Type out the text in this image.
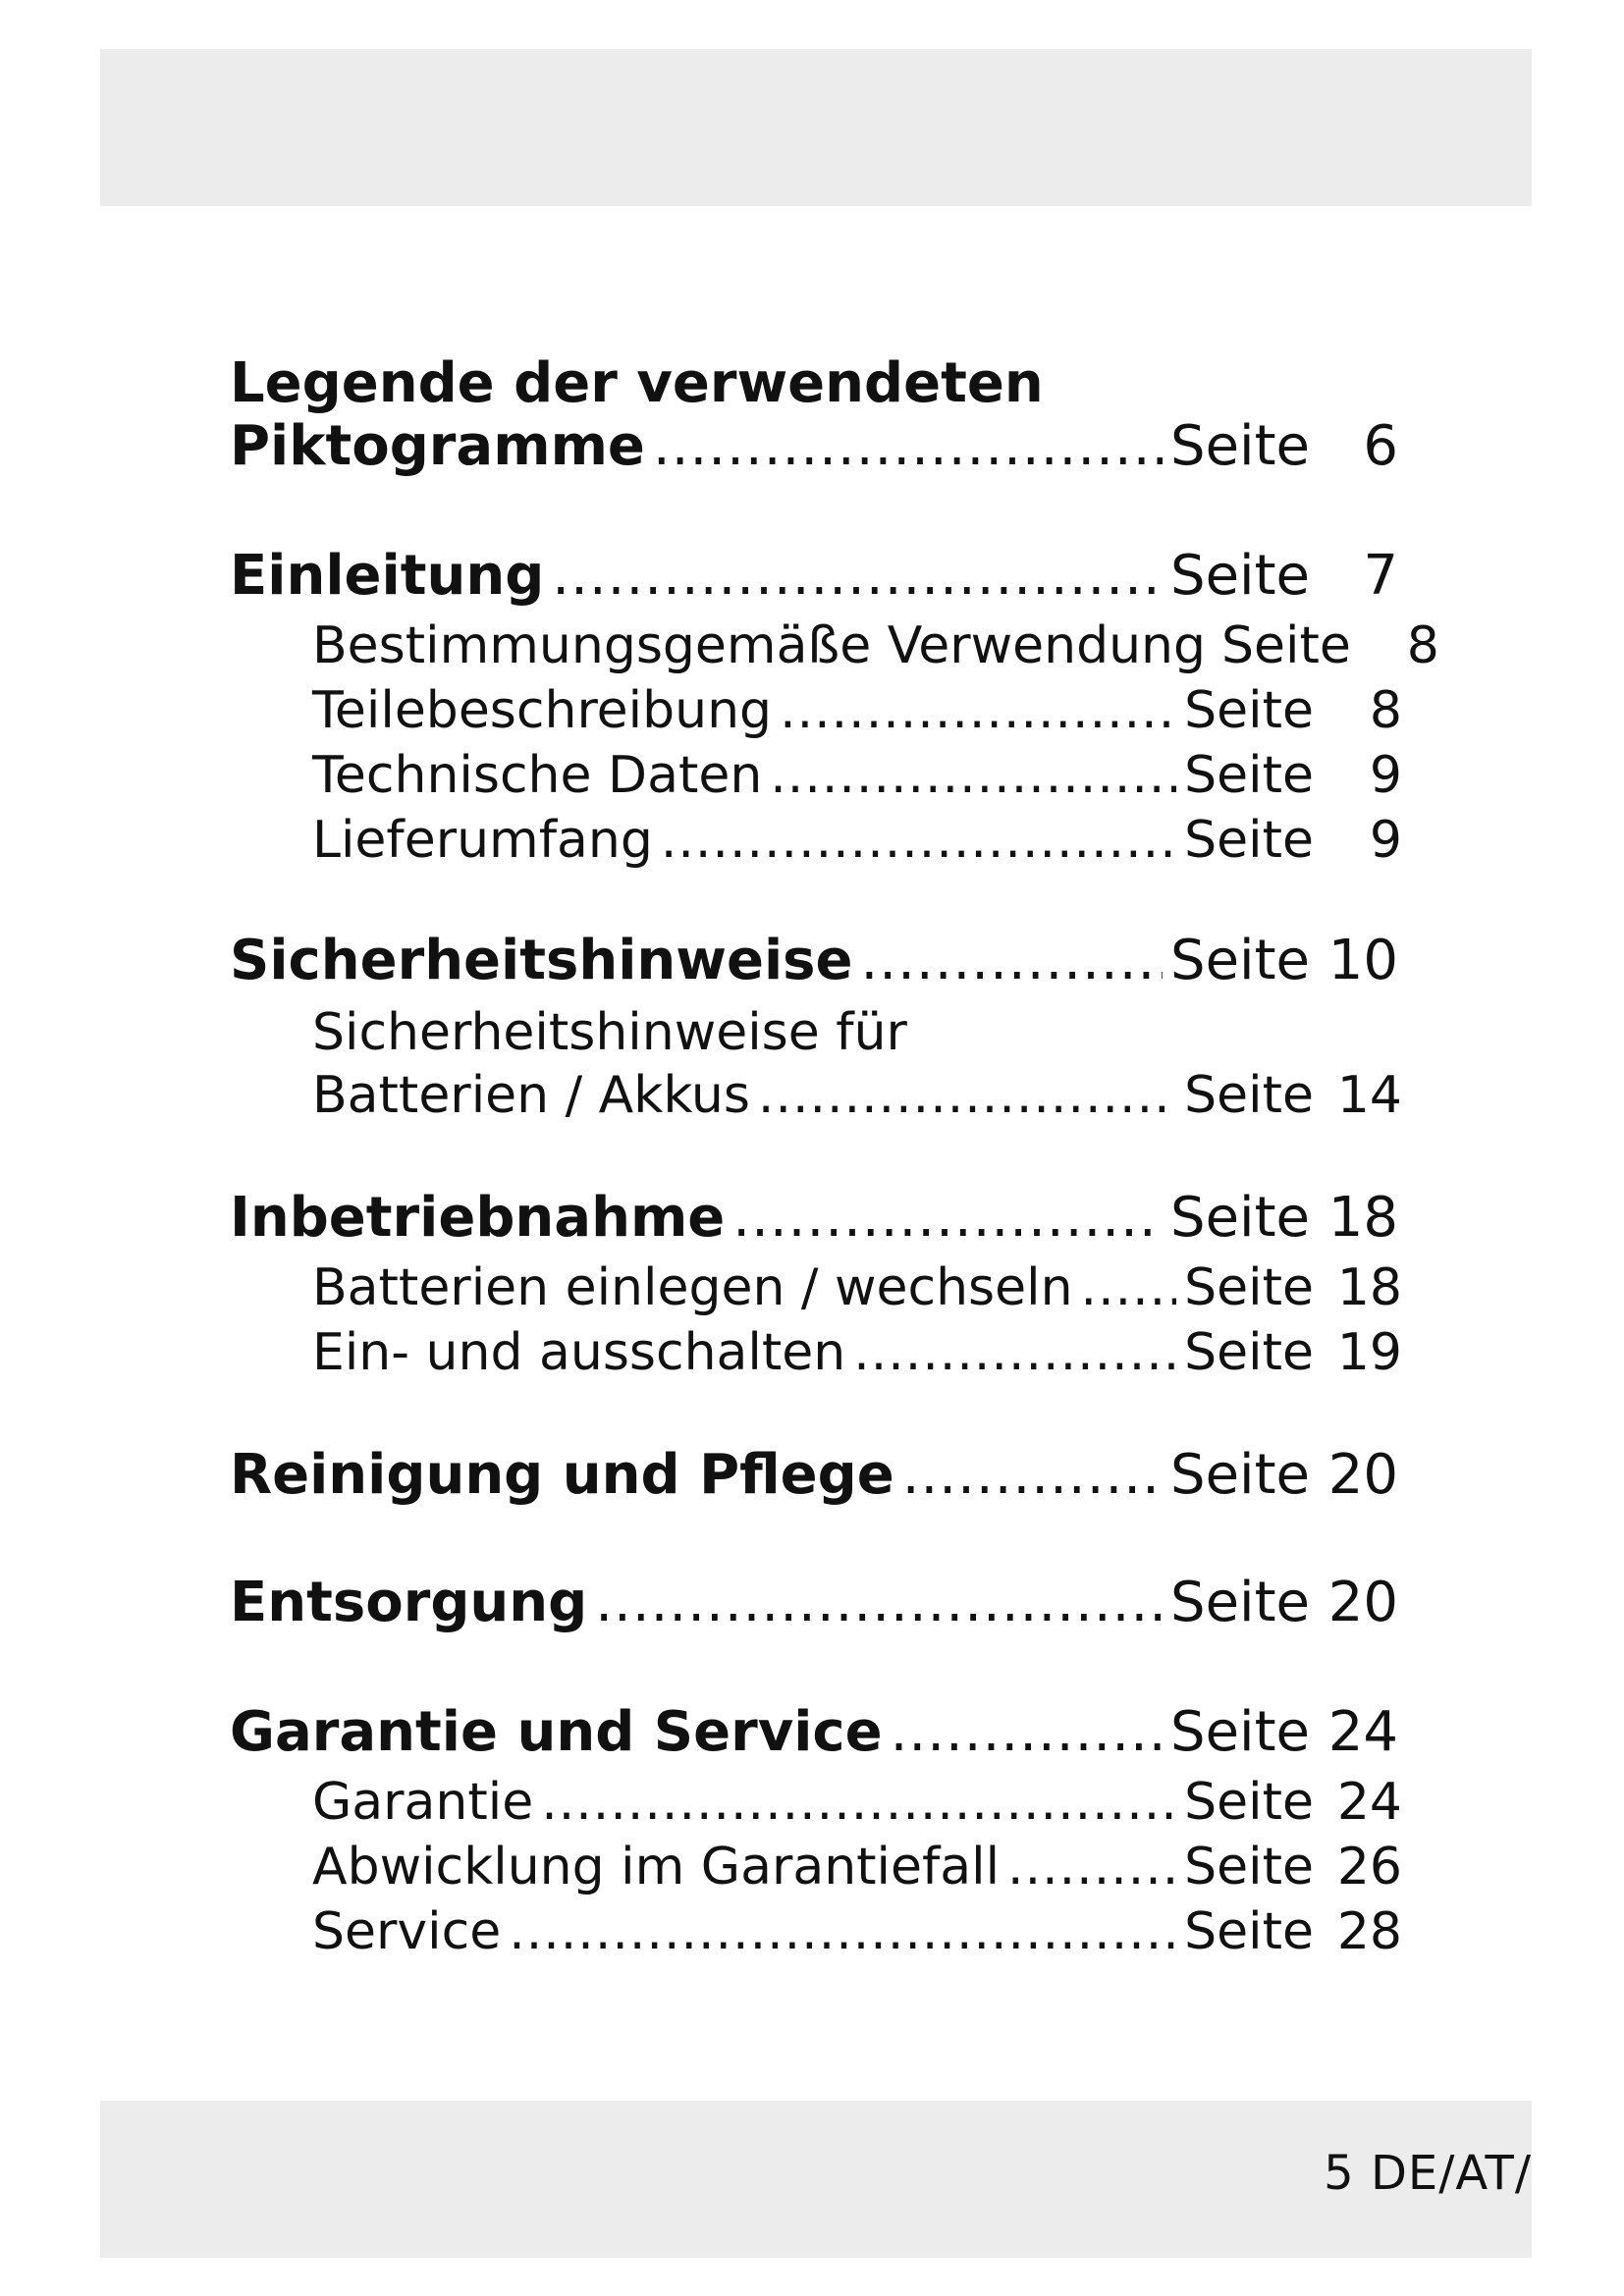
Legende der verwendeten
Piktogramme .....	Seite 6
Einleitung .....	Seite 7
Bestimmungsgemäße Verwendung Seite	8
Teilebeschreibung .....	Seite	8
Technische Daten .....	Seite	9
Lieferumfang .....	Seite	9
Sicherheitshinweise .....	Seite 10
Sicherheitshinweise für
Batterien / Akkus .....	Seite 14
Inbetriebnahme .....	Seite 18
Batterien einlegen / wechseln ..... Seite 18
Ein- und ausschalten .....	Seite 19
Reinigung und Pflege .....	Seite 20
Entsorgung .....	Seite 20
Garantie und Service .....	Seite 24
Garantie .....	Seite 24
Abwicklung im Garantiefall .....	Seite 26
Service .....	Seite 28
5 DE/AT/
